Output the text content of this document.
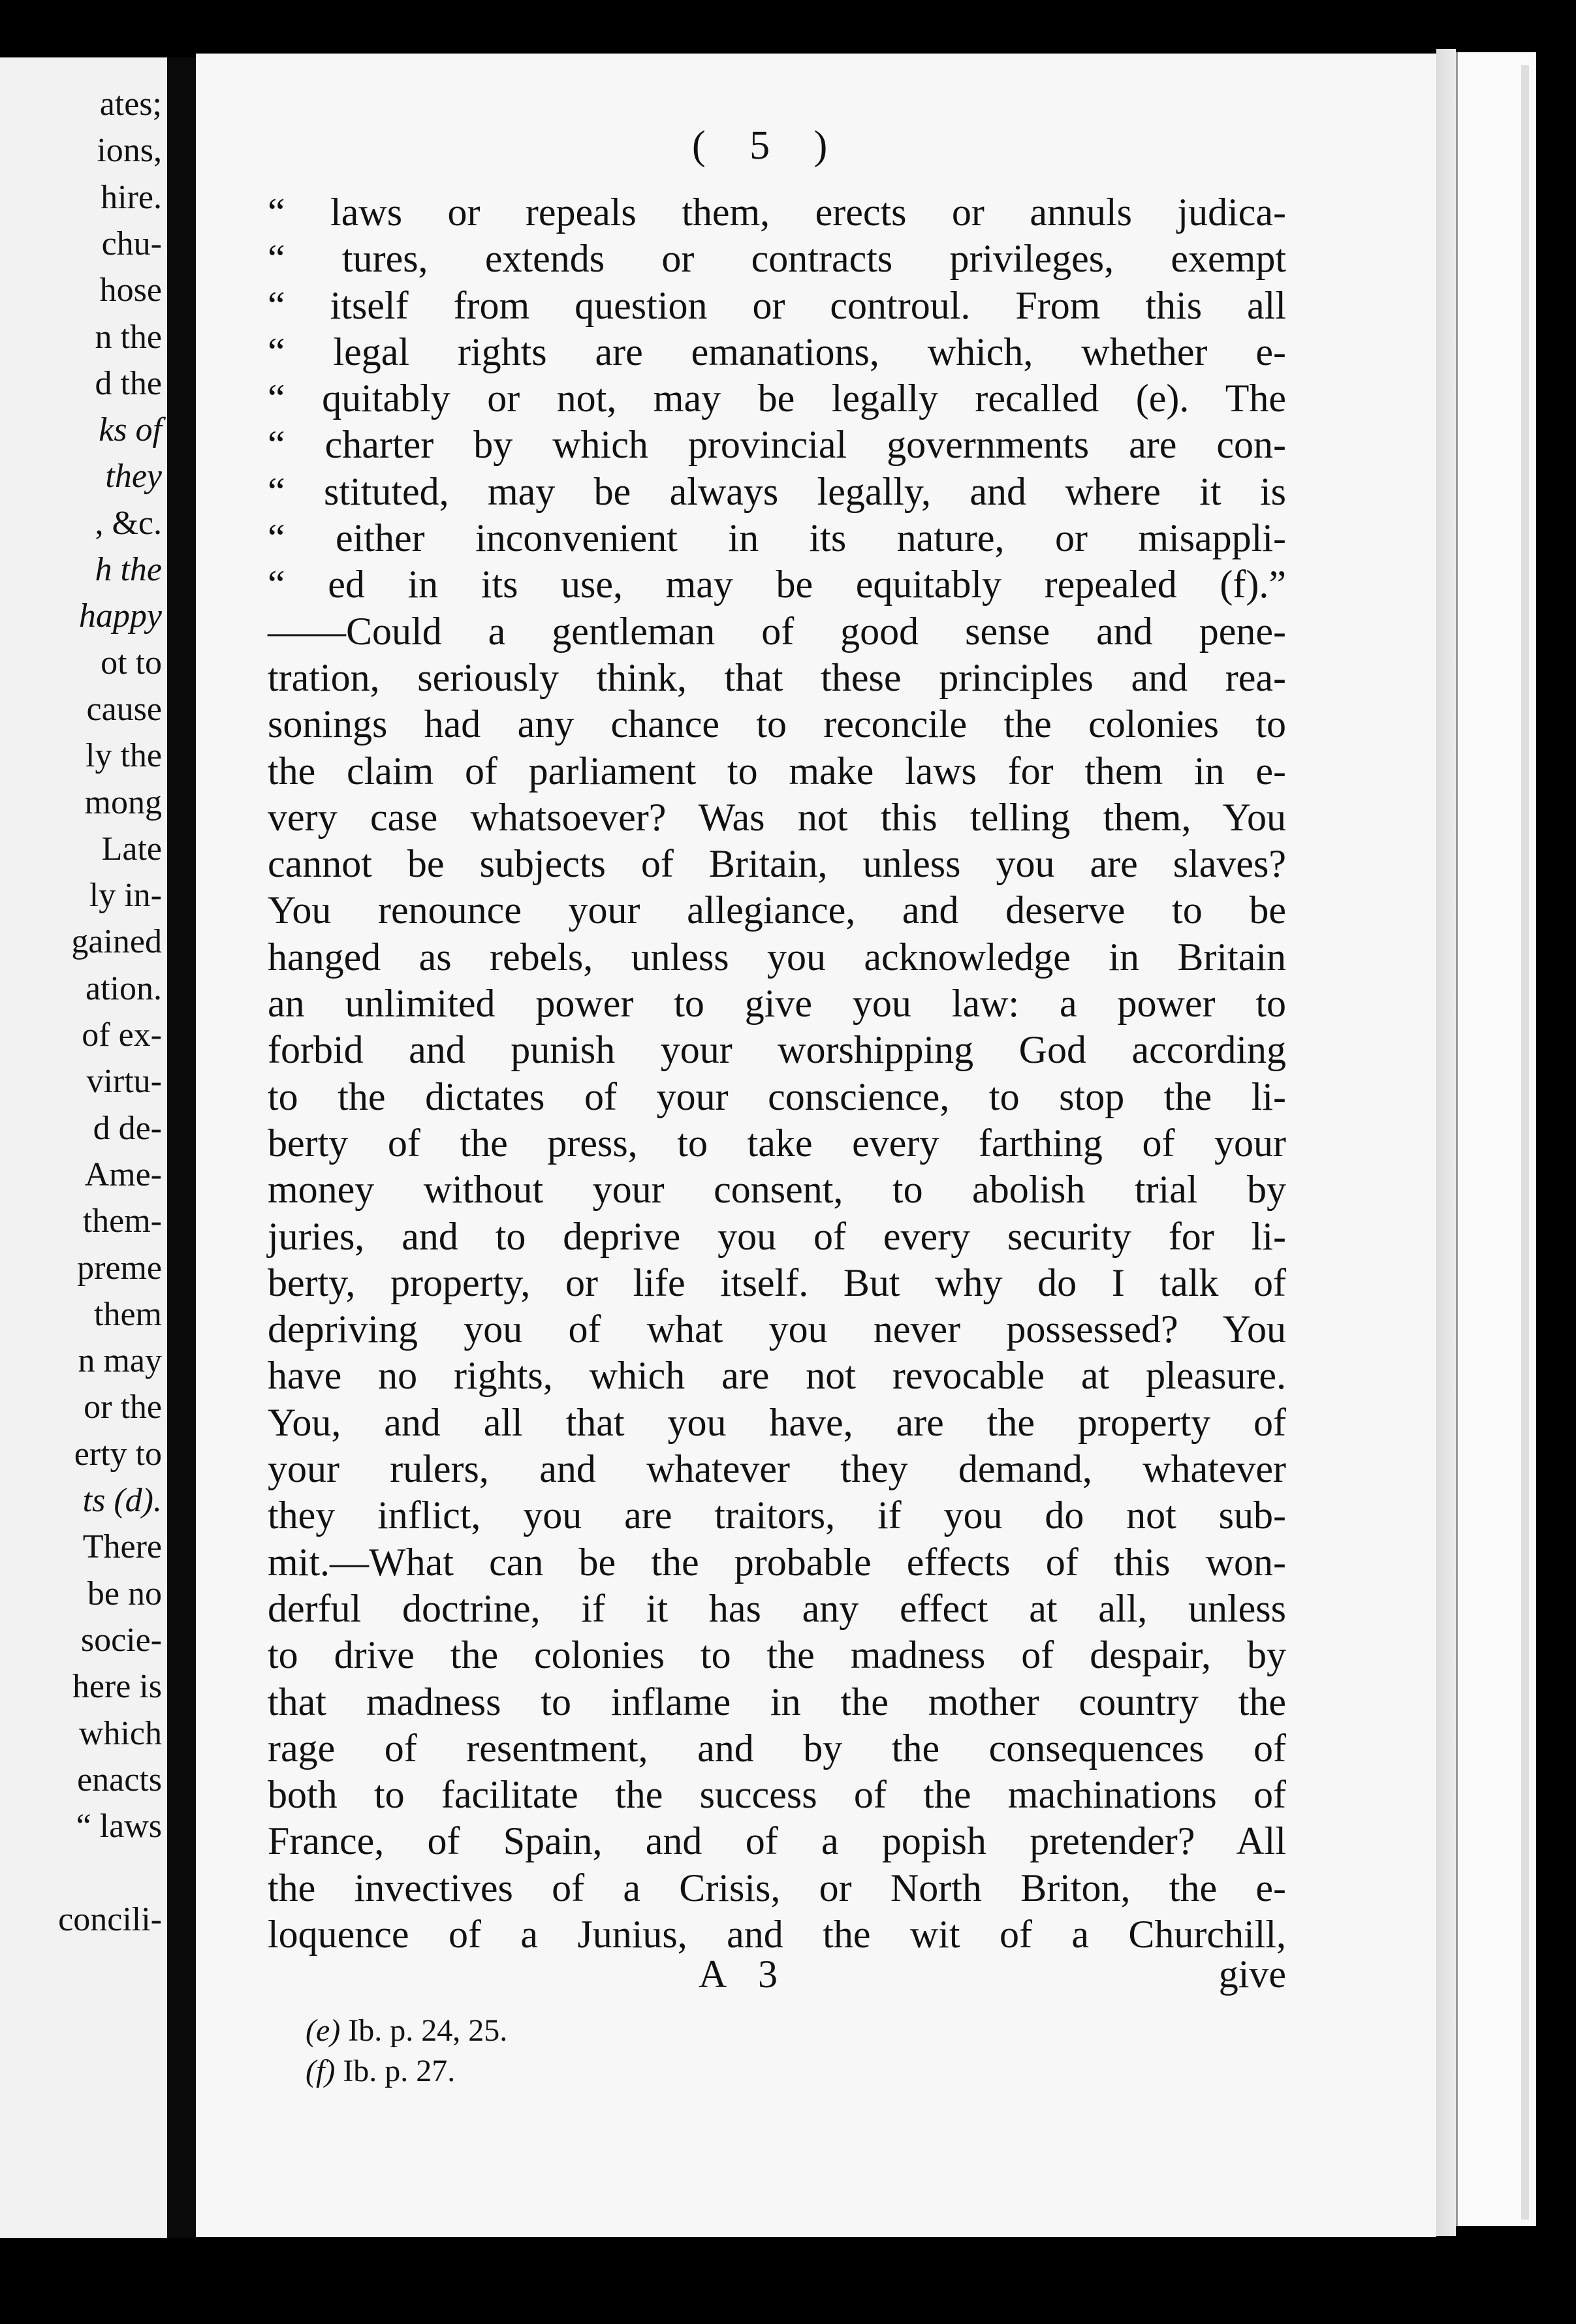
ates;
ions,
hire.
chu-
hose
n the
d the
ks of
they
, &c.
h the
happy
ot to
cause
ly the
mong
Late
ly in-
gained
ation.
of ex-
virtu-
d de-
Ame-
them-
preme
them
n may
or the
erty to
ts (d).
There
be no
socie-
here is
which
enacts
“ laws
concili-
( 5 )
“ laws or repeals them, erects or annuls judica-
“ tures, extends or contracts privileges, exempt
“ itself from question or controul. From this all
“ legal rights are emanations, which, whether e-
“ quitably or not, may be legally recalled (e). The
“ charter by which provincial governments are con-
“ stituted, may be always legally, and where it is
“ either inconvenient in its nature, or misappli-
“ ed in its use, may be equitably repealed (f).”
——Could a gentleman of good sense and pene-
tration, seriously think, that these principles and rea-
sonings had any chance to reconcile the colonies to
the claim of parliament to make laws for them in e-
very case whatsoever? Was not this telling them, You
cannot be subjects of Britain, unless you are slaves?
You renounce your allegiance, and deserve to be
hanged as rebels, unless you acknowledge in Britain
an unlimited power to give you law: a power to
forbid and punish your worshipping God according
to the dictates of your conscience, to stop the li-
berty of the press, to take every farthing of your
money without your consent, to abolish trial by
juries, and to deprive you of every security for li-
berty, property, or life itself. But why do I talk of
depriving you of what you never possessed? You
have no rights, which are not revocable at pleasure.
You, and all that you have, are the property of
your rulers, and whatever they demand, whatever
they inflict, you are traitors, if you do not sub-
mit.—What can be the probable effects of this won-
derful doctrine, if it has any effect at all, unless
to drive the colonies to the madness of despair, by
that madness to inflame in the mother country the
rage of resentment, and by the consequences of
both to facilitate the success of the machinations of
France, of Spain, and of a popish pretender? All
the invectives of a Crisis, or North Briton, the e-
loquence of a Junius, and the wit of a Churchill,
A 3	give
(e) Ib. p. 24, 25.
(f) Ib. p. 27.
